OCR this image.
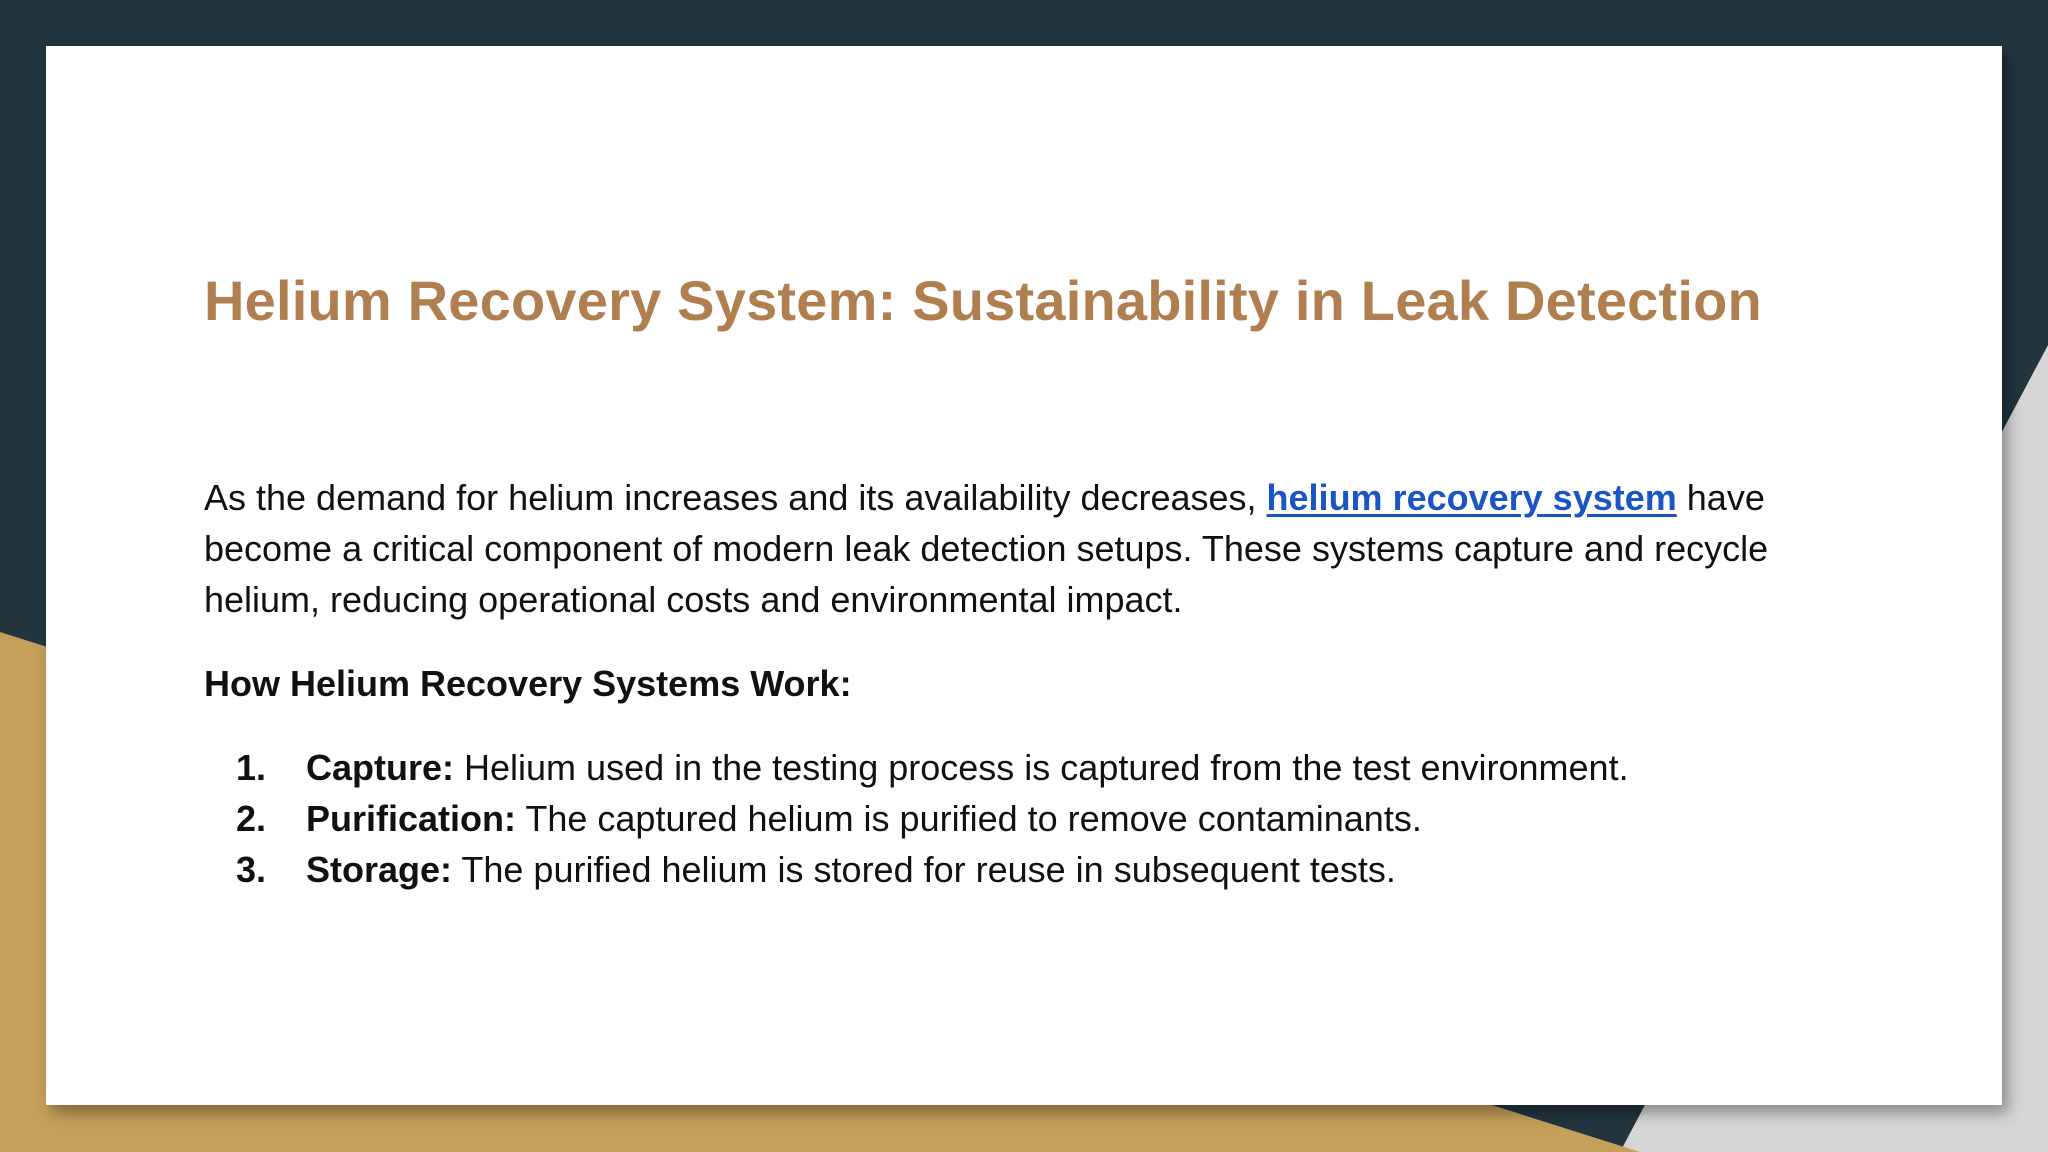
Helium Recovery System: Sustainability in Leak Detection

As the demand for helium increases and its availability decreases, helium recovery system have become a critical component of modern leak detection setups. These systems capture and recycle helium, reducing operational costs and environmental impact.

How Helium Recovery Systems Work:

1. Capture: Helium used in the testing process is captured from the test environment.
2. Purification: The captured helium is purified to remove contaminants.
3. Storage: The purified helium is stored for reuse in subsequent tests.
